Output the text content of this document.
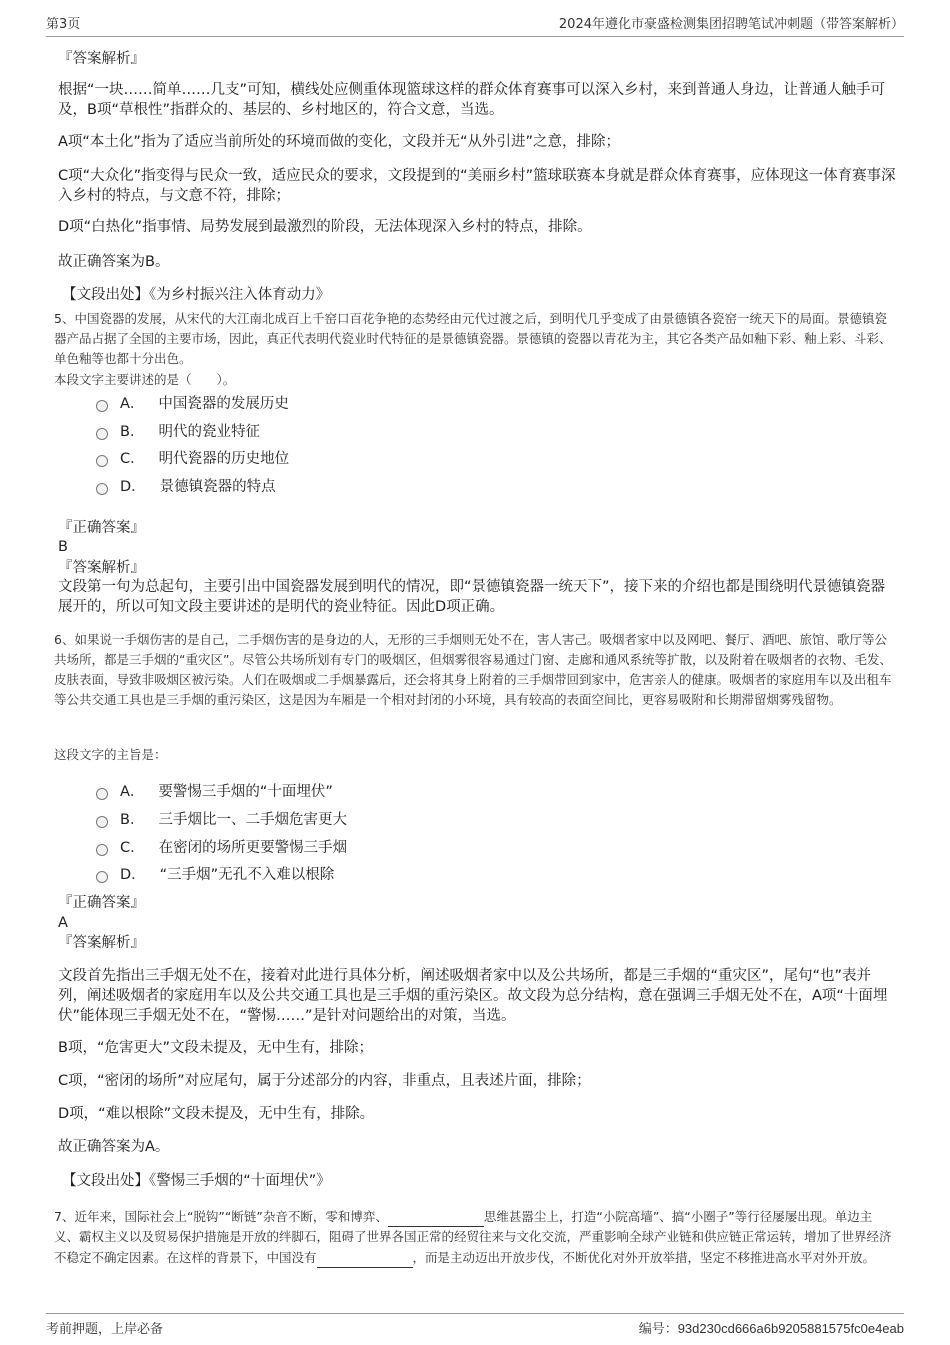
第3页	2024年遵化市豪盛检测集团招聘笔试冲刺题（带答案解析）
『答案解析』
根据“一块……简单……几支”可知，横线处应侧重体现篮球这样的群众体育赛事可以深入乡村，来到普通人身边，让普通人触手可及，B项“草根性”指群众的、基层的、乡村地区的，符合文意，当选。
A项“本土化”指为了适应当前所处的环境而做的变化，文段并无“从外引进”之意，排除；
C项“大众化”指变得与民众一致，适应民众的要求，文段提到的“美丽乡村”篮球联赛本身就是群众体育赛事，应体现这一体育赛事深入乡村的特点，与文意不符，排除；
D项“白热化”指事情、局势发展到最激烈的阶段，无法体现深入乡村的特点，排除。
故正确答案为B。
【文段出处】《为乡村振兴注入体育动力》
5、中国瓷器的发展，从宋代的大江南北成百上千窑口百花争艳的态势经由元代过渡之后，到明代几乎变成了由景德镇各瓷窑一统天下的局面。景德镇瓷器产品占据了全国的主要市场，因此，真正代表明代瓷业时代特征的是景德镇瓷器。景德镇的瓷器以青花为主，其它各类产品如釉下彩、釉上彩、斗彩、单色釉等也都十分出色。
本段文字主要讲述的是（　　）。
A． 中国瓷器的发展历史
B． 明代的瓷业特征
C． 明代瓷器的历史地位
D． 景德镇瓷器的特点
『正确答案』
B
『答案解析』
文段第一句为总起句，主要引出中国瓷器发展到明代的情况，即“景德镇瓷器一统天下”，接下来的介绍也都是围绕明代景德镇瓷器展开的，所以可知文段主要讲述的是明代的瓷业特征。因此D项正确。
6、如果说一手烟伤害的是自己，二手烟伤害的是身边的人，无形的三手烟则无处不在，害人害己。吸烟者家中以及网吧、餐厅、酒吧、旅馆、歌厅等公共场所，都是三手烟的“重灾区”。尽管公共场所划有专门的吸烟区，但烟雾很容易通过门窗、走廊和通风系统等扩散，以及附着在吸烟者的衣物、毛发、皮肤表面，导致非吸烟区被污染。人们在吸烟或二手烟暴露后，还会将其身上附着的三手烟带回到家中，危害亲人的健康。吸烟者的家庭用车以及出租车等公共交通工具也是三手烟的重污染区，这是因为车厢是一个相对封闭的小环境，具有较高的表面空间比，更容易吸附和长期滞留烟雾残留物。
这段文字的主旨是：
A． 要警惕三手烟的“十面埋伏”
B． 三手烟比一、二手烟危害更大
C． 在密闭的场所更要警惕三手烟
D． “三手烟”无孔不入难以根除
『正确答案』
A
『答案解析』
文段首先指出三手烟无处不在，接着对此进行具体分析，阐述吸烟者家中以及公共场所，都是三手烟的“重灾区”，尾句“也”表并列，阐述吸烟者的家庭用车以及公共交通工具也是三手烟的重污染区。故文段为总分结构，意在强调三手烟无处不在，A项“十面埋伏”能体现三手烟无处不在，“警惕……”是针对问题给出的对策，当选。
B项，“危害更大”文段未提及，无中生有，排除；
C项，“密闭的场所”对应尾句，属于分述部分的内容，非重点，且表述片面，排除；
D项，“难以根除”文段未提及，无中生有，排除。
故正确答案为A。
【文段出处】《警惕三手烟的“十面埋伏”》
7、近年来，国际社会上“脱钩”“断链”杂音不断，零和博弈、	思维甚嚣尘上，打造“小院高墙”、搞“小圈子”等行径屡屡出现。单边主义、霸权主义以及贸易保护措施是开放的绊脚石，阻碍了世界各国正常的经贸往来与文化交流，严重影响全球产业链和供应链正常运转，增加了世界经济不稳定不确定因素。在这样的背景下，中国没有	，而是主动迈出开放步伐，不断优化对外开放举措，坚定不移推进高水平对外开放。
考前押题，上岸必备	编号：93d230cd666a6b9205881575fc0e4eab
